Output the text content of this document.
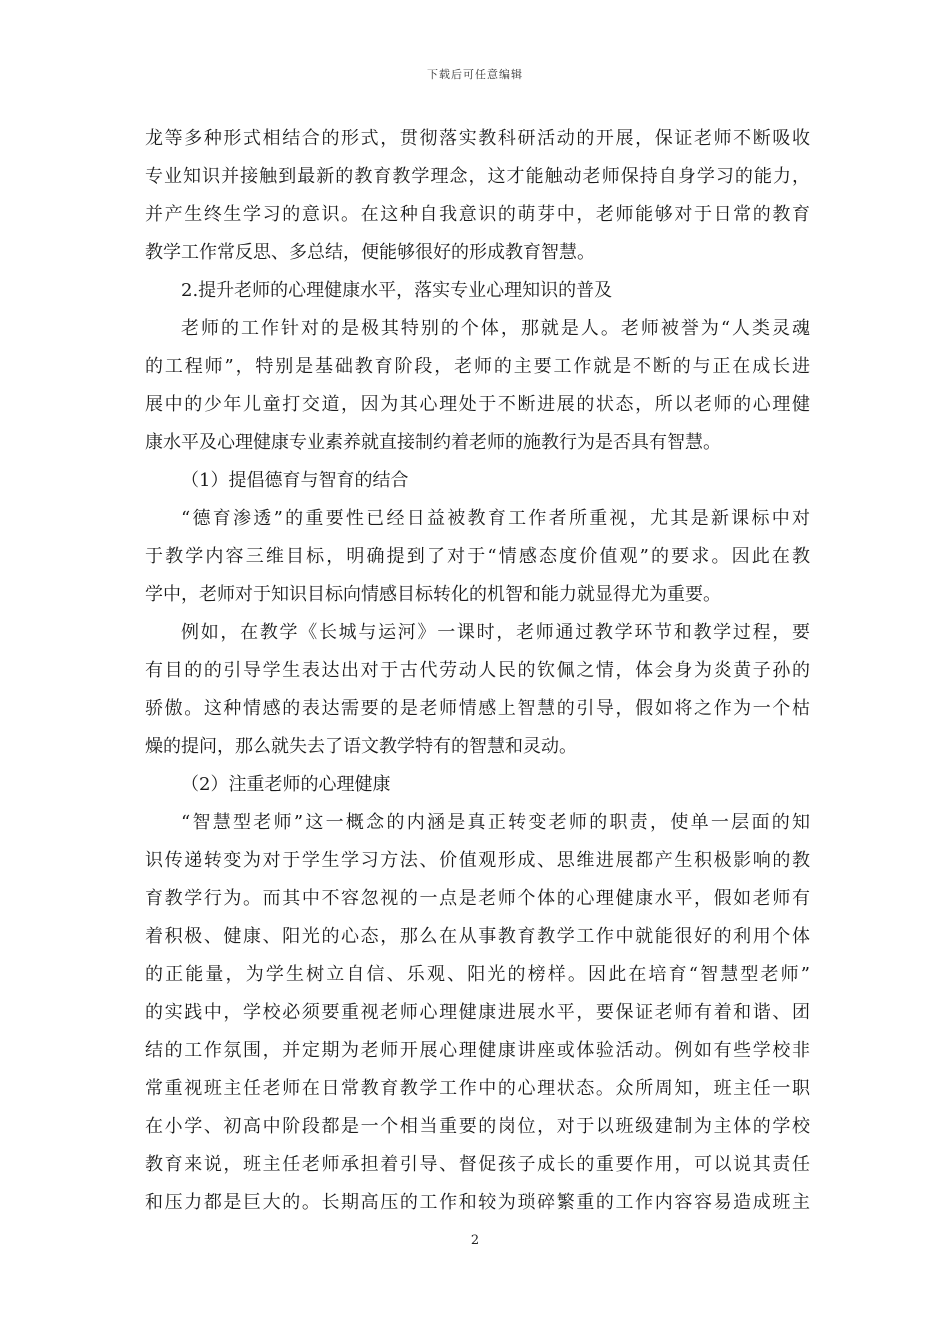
下载后可任意编辑
龙等多种形式相结合的形式，贯彻落实教科研活动的开展，保证老师不断吸收
专业知识并接触到最新的教育教学理念，这才能触动老师保持自身学习的能力，
并产生终生学习的意识。在这种自我意识的萌芽中，老师能够对于日常的教育
教学工作常反思、多总结，便能够很好的形成教育智慧。
2.提升老师的心理健康水平，落实专业心理知识的普及
老师的工作针对的是极其特别的个体，那就是人。老师被誉为“人类灵魂
的工程师”，特别是基础教育阶段，老师的主要工作就是不断的与正在成长进
展中的少年儿童打交道，因为其心理处于不断进展的状态，所以老师的心理健
康水平及心理健康专业素养就直接制约着老师的施教行为是否具有智慧。
（1）提倡德育与智育的结合
“德育渗透”的重要性已经日益被教育工作者所重视，尤其是新课标中对
于教学内容三维目标，明确提到了对于“情感态度价值观”的要求。因此在教
学中，老师对于知识目标向情感目标转化的机智和能力就显得尤为重要。
例如，在教学《长城与运河》一课时，老师通过教学环节和教学过程，要
有目的的引导学生表达出对于古代劳动人民的钦佩之情，体会身为炎黄子孙的
骄傲。这种情感的表达需要的是老师情感上智慧的引导，假如将之作为一个枯
燥的提问，那么就失去了语文教学特有的智慧和灵动。
（2）注重老师的心理健康
“智慧型老师”这一概念的内涵是真正转变老师的职责，使单一层面的知
识传递转变为对于学生学习方法、价值观形成、思维进展都产生积极影响的教
育教学行为。而其中不容忽视的一点是老师个体的心理健康水平，假如老师有
着积极、健康、阳光的心态，那么在从事教育教学工作中就能很好的利用个体
的正能量，为学生树立自信、乐观、阳光的榜样。因此在培育“智慧型老师”
的实践中，学校必须要重视老师心理健康进展水平，要保证老师有着和谐、团
结的工作氛围，并定期为老师开展心理健康讲座或体验活动。例如有些学校非
常重视班主任老师在日常教育教学工作中的心理状态。众所周知，班主任一职
在小学、初高中阶段都是一个相当重要的岗位，对于以班级建制为主体的学校
教育来说，班主任老师承担着引导、督促孩子成长的重要作用，可以说其责任
和压力都是巨大的。长期高压的工作和较为琐碎繁重的工作内容容易造成班主
2
